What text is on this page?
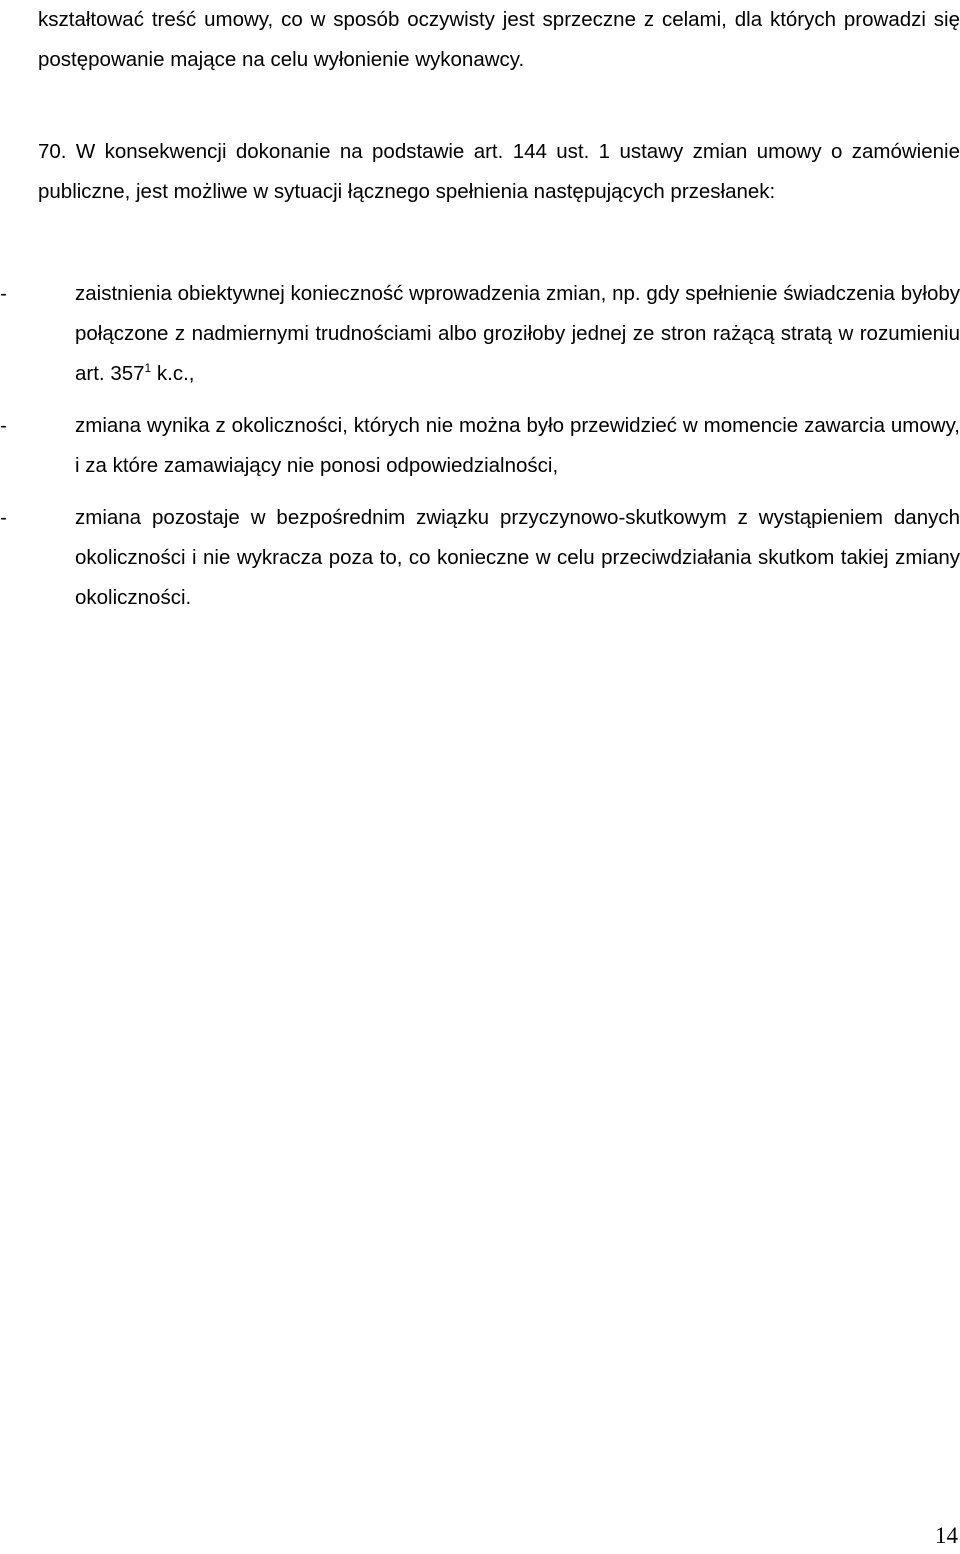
kształtować treść umowy, co w sposób oczywisty jest sprzeczne z celami, dla których prowadzi się postępowanie mające na celu wyłonienie wykonawcy.

70. W konsekwencji dokonanie na podstawie art. 144 ust. 1 ustawy zmian umowy o zamówienie publiczne, jest możliwe w sytuacji łącznego spełnienia następujących przesłanek:

-	zaistnienia obiektywnej konieczność wprowadzenia zmian, np. gdy spełnienie świadczenia byłoby połączone z nadmiernymi trudnościami albo groziłoby jednej ze stron rażącą stratą w rozumieniu art. $357^1$ k.c.,
-	zmiana wynika z okoliczności, których nie można było przewidzieć w momencie zawarcia umowy, i za które zamawiający nie ponosi odpowiedzialności,
-	zmiana pozostaje w bezpośrednim związku przyczynowo-skutkowym z wystąpieniem danych okoliczności i nie wykracza poza to, co konieczne w celu przeciwdziałania skutkom takiej zmiany okoliczności.
14
